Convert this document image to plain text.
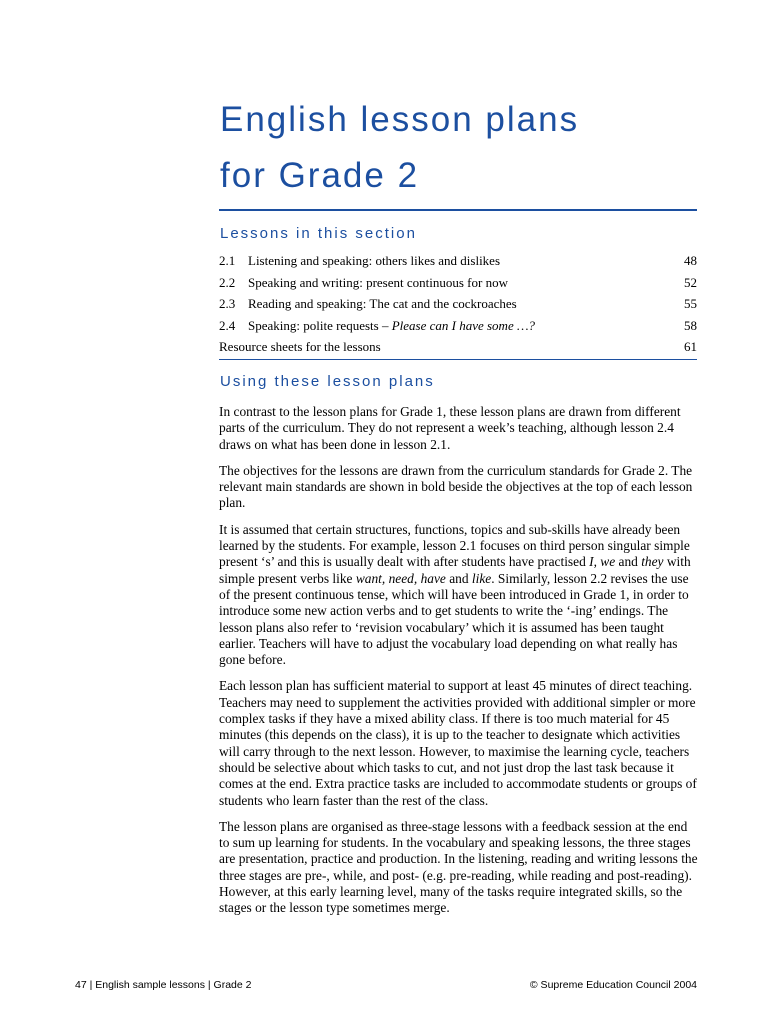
English lesson plans
for Grade 2
Lessons in this section
2.1 Listening and speaking: others likes and dislikes	48
2.2 Speaking and writing: present continuous for now	52
2.3 Reading and speaking: The cat and the cockroaches	55
2.4 Speaking: polite requests – Please can I have some …?	58
Resource sheets for the lessons	61
Using these lesson plans

In contrast to the lesson plans for Grade 1, these lesson plans are drawn from different parts of the curriculum. They do not represent a week’s teaching, although lesson 2.4 draws on what has been done in lesson 2.1.

The objectives for the lessons are drawn from the curriculum standards for Grade 2. The relevant main standards are shown in bold beside the objectives at the top of each lesson plan.

It is assumed that certain structures, functions, topics and sub-skills have already been learned by the students. For example, lesson 2.1 focuses on third person singular simple present ‘s’ and this is usually dealt with after students have practised I, we and they with simple present verbs like want, need, have and like. Similarly, lesson 2.2 revises the use of the present continuous tense, which will have been introduced in Grade 1, in order to introduce some new action verbs and to get students to write the ‘-ing’ endings. The lesson plans also refer to ‘revision vocabulary’ which it is assumed has been taught earlier. Teachers will have to adjust the vocabulary load depending on what really has gone before.

Each lesson plan has sufficient material to support at least 45 minutes of direct teaching. Teachers may need to supplement the activities provided with additional simpler or more complex tasks if they have a mixed ability class. If there is too much material for 45 minutes (this depends on the class), it is up to the teacher to designate which activities will carry through to the next lesson. However, to maximise the learning cycle, teachers should be selective about which tasks to cut, and not just drop the last task because it comes at the end. Extra practice tasks are included to accommodate students or groups of students who learn faster than the rest of the class.

The lesson plans are organised as three-stage lessons with a feedback session at the end to sum up learning for students. In the vocabulary and speaking lessons, the three stages are presentation, practice and production. In the listening, reading and writing lessons the three stages are pre-, while, and post- (e.g. pre-reading, while reading and post-reading). However, at this early learning level, many of the tasks require integrated skills, so the stages or the lesson type sometimes merge.

47 | English sample lessons | Grade 2	© Supreme Education Council 2004
